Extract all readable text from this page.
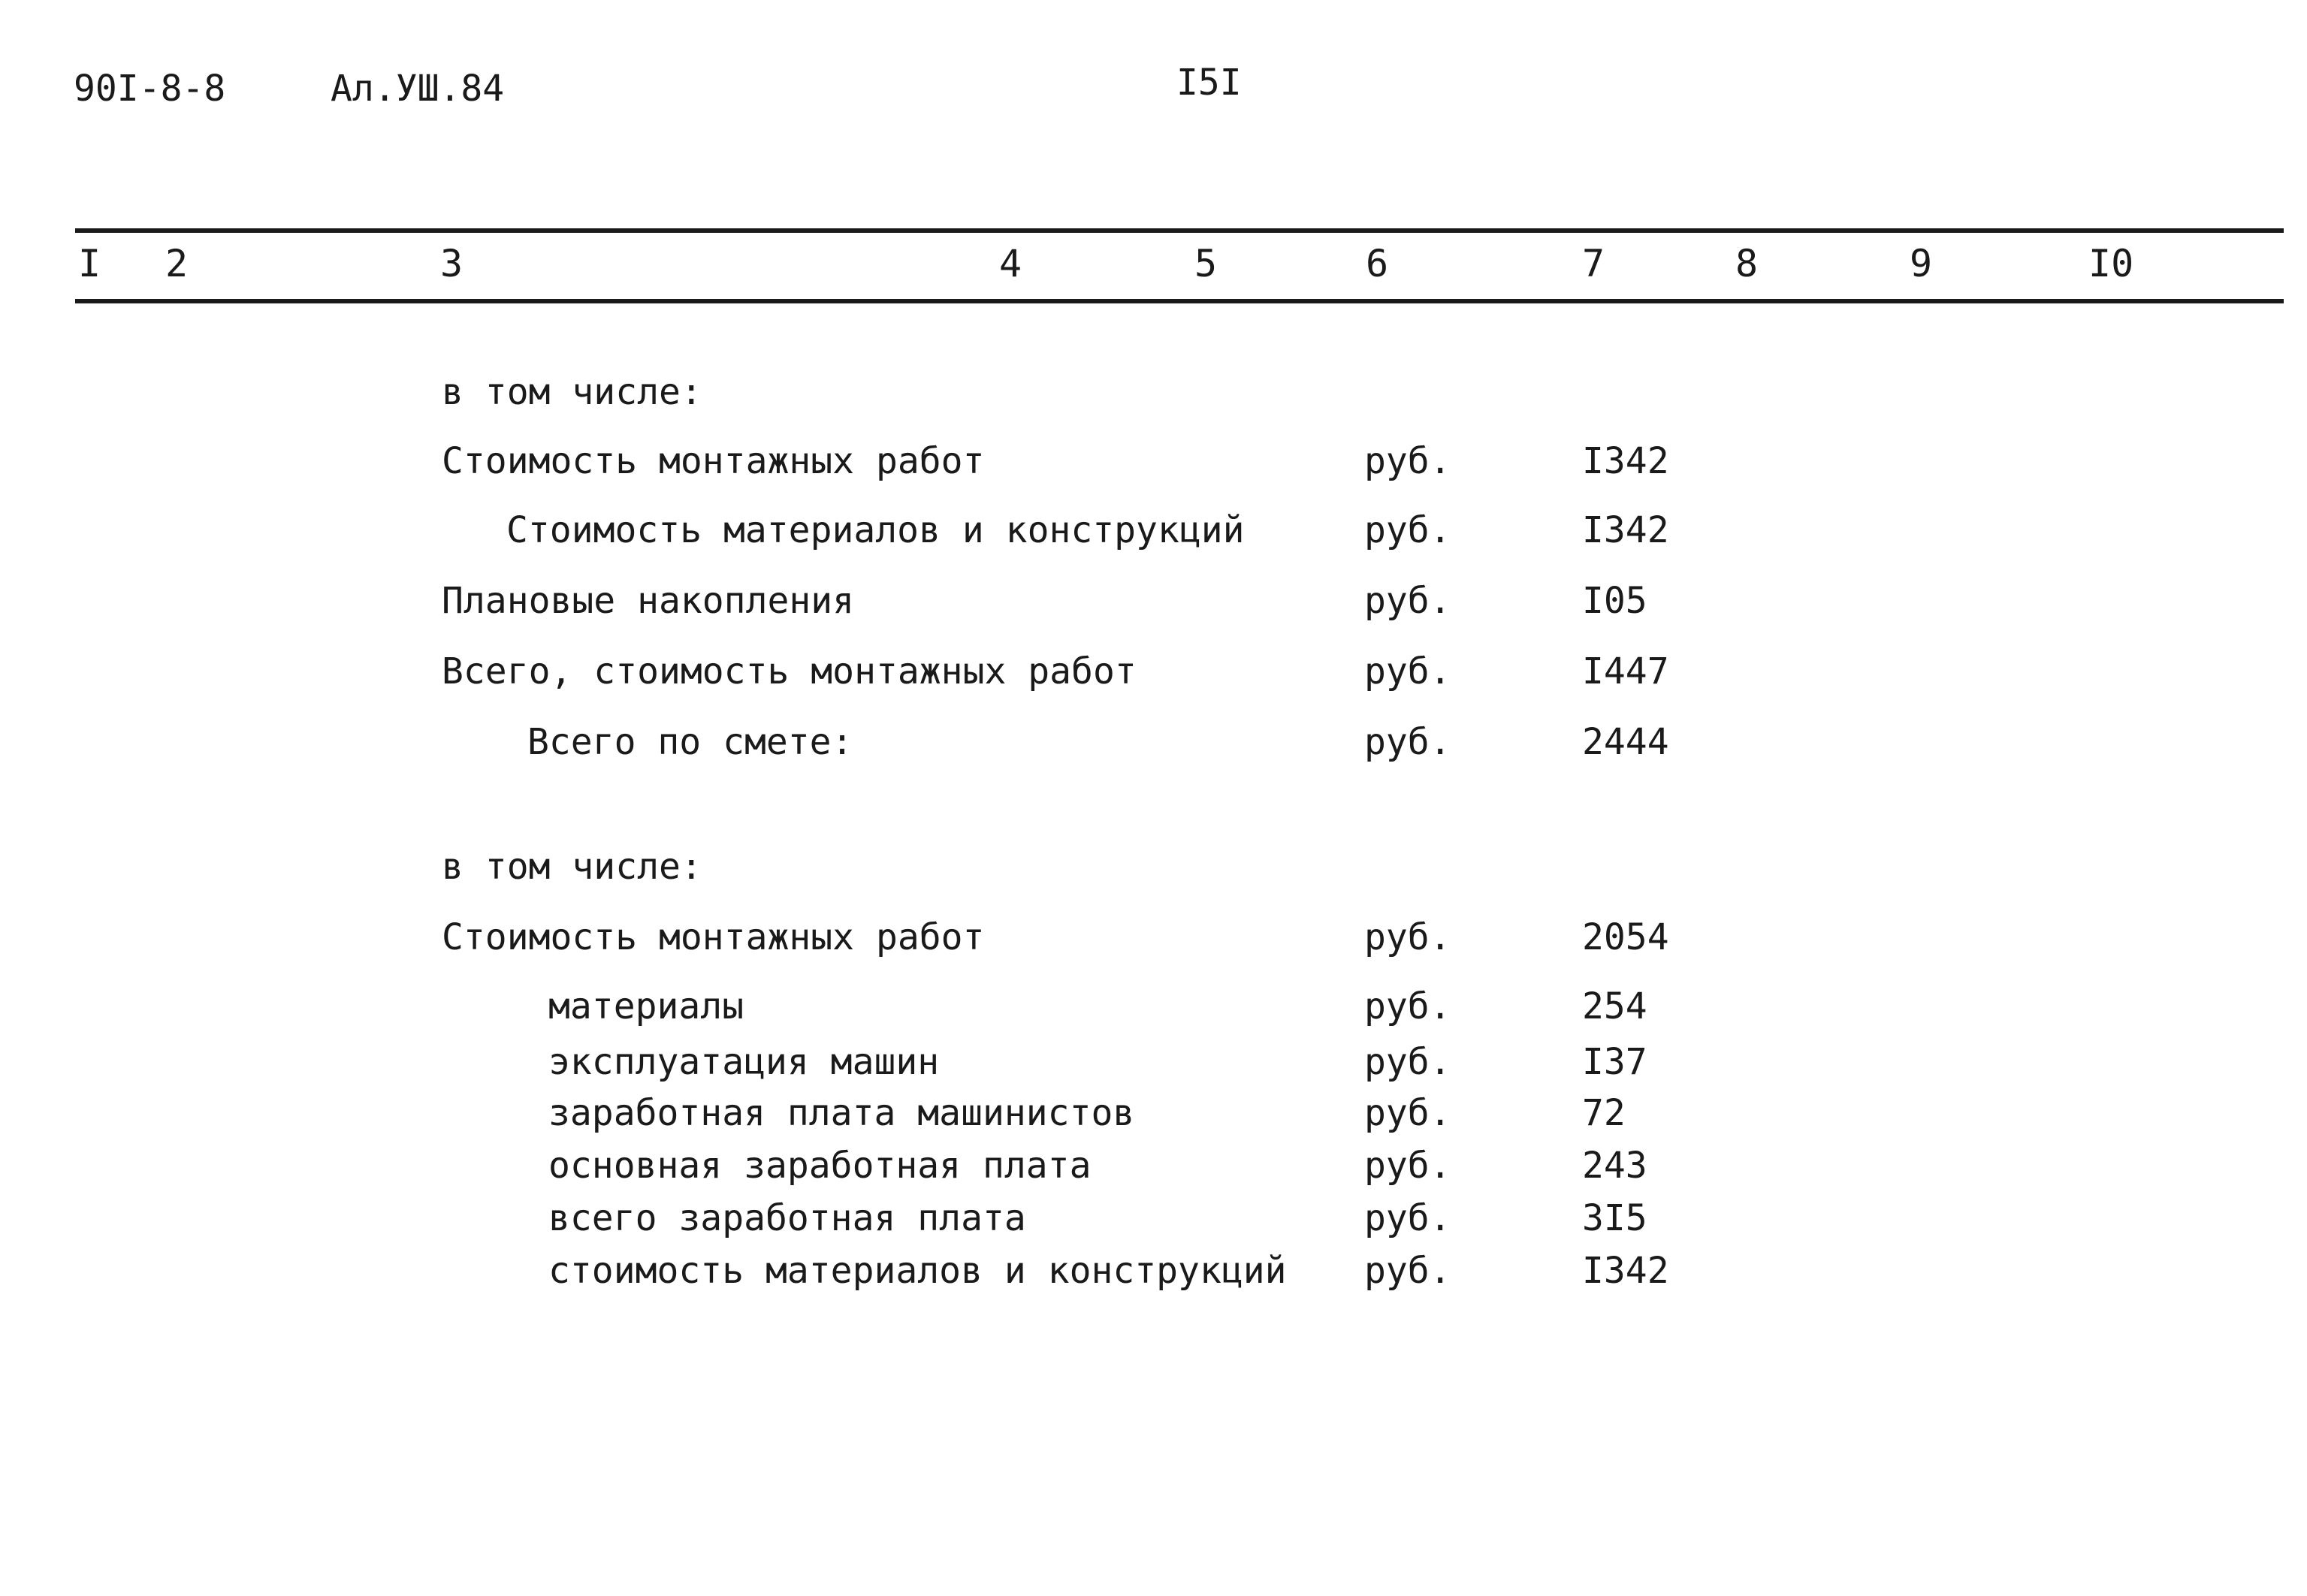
90I-8-8	Ал.УШ.84	I5I
I 2	3	4	5	6	7	8	9	I0
в том числе:
Стоимость монтажных работ	руб.	I342
Стоимость материалов и конструкций	руб.	I342
Плановые накопления	руб.	I05
Всего, стоимость монтажных работ	руб.	I447
Всего по смете:	руб.	2444
в том числе:
Стоимость монтажных работ	руб.	2054
материалы	руб.	254
эксплуатация машин	руб.	I37
заработная плата машинистов	руб.	72
основная заработная плата	руб.	243
всего заработная плата	руб.	3I5
стоимость материалов и конструкций руб.	I342
